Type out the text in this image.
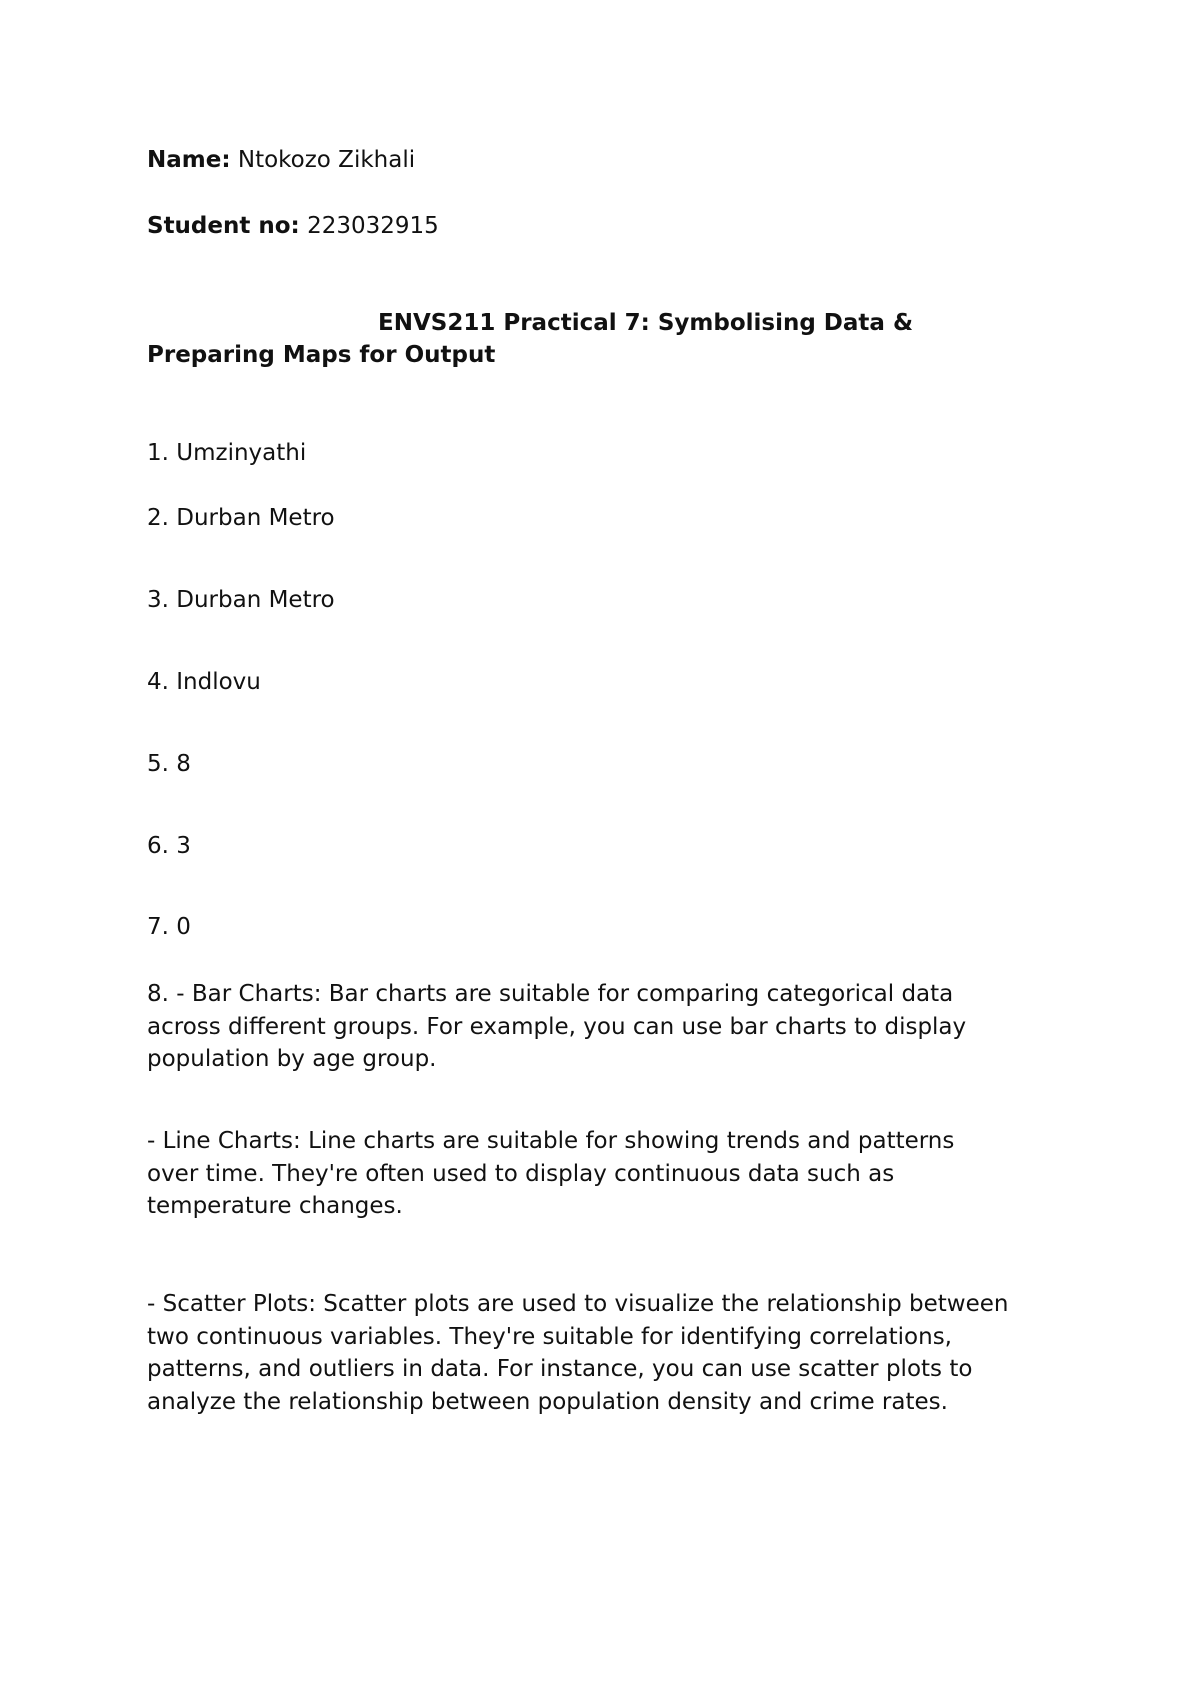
Name: Ntokozo Zikhali
Student no: 223032915
ENVS211 Practical 7: Symbolising Data &
Preparing Maps for Output
1. Umzinyathi
2. Durban Metro
3. Durban Metro
4. Indlovu
5. 8
6. 3
7. 0
8. - Bar Charts: Bar charts are suitable for comparing categorical data
across different groups. For example, you can use bar charts to display
population by age group.
- Line Charts: Line charts are suitable for showing trends and patterns
over time. They're often used to display continuous data such as
temperature changes.
- Scatter Plots: Scatter plots are used to visualize the relationship between
two continuous variables. They're suitable for identifying correlations,
patterns, and outliers in data. For instance, you can use scatter plots to
analyze the relationship between population density and crime rates.
